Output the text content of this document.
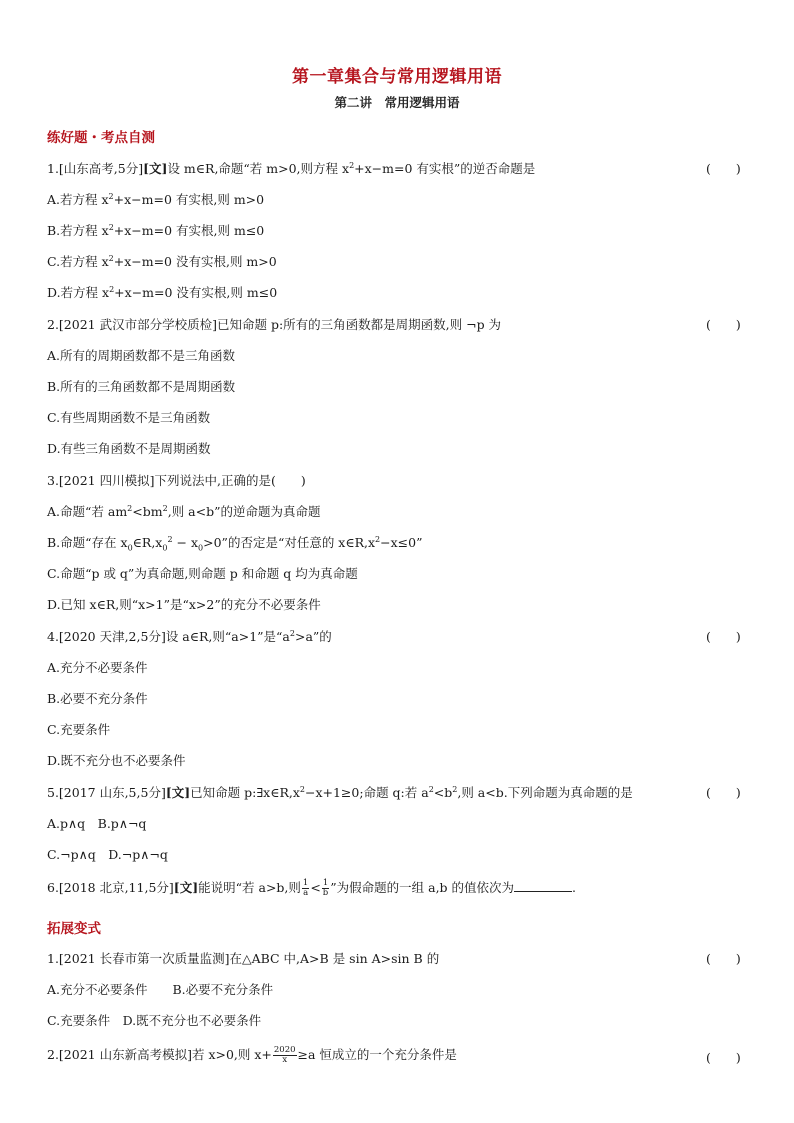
第一章集合与常用逻辑用语
第二讲　常用逻辑用语
练好题・考点自测
1.[山东高考,5分][文]设 m∈R,命题“若 m>0,则方程 $x^2+x-m=0$ 有实根”的逆否命题是	(　　)
A.若方程 $x^2+x-m=0$ 有实根,则 m>0
B.若方程 $x^2+x-m=0$ 有实根,则 m≤0
C.若方程 $x^2+x-m=0$ 没有实根,则 m>0
D.若方程 $x^2+x-m=0$ 没有实根,则 m≤0
2.[2021 武汉市部分学校质检]已知命题 p:所有的三角函数都是周期函数,则 ¬p 为	(　　)
A.所有的周期函数都不是三角函数
B.所有的三角函数都不是周期函数
C.有些周期函数不是三角函数
D.有些三角函数不是周期函数
3.[2021 四川模拟]下列说法中,正确的是(　　)
A.命题“若 $am^2<bm^2$,则 a<b”的逆命题为真命题
B.命题“存在 $x_0\in R,x_0^2 - x_0>0$”的否定是“对任意的 $x\in R,x^2-x\le 0$”
C.命题“p 或 q”为真命题,则命题 p 和命题 q 均为真命题
D.已知 x∈R,则“x>1”是“x>2”的充分不必要条件
4.[2020 天津,2,5分]设 a∈R,则“a>1”是“$a^2>a$”的	(　　)
A.充分不必要条件
B.必要不充分条件
C.充要条件
D.既不充分也不必要条件
5.[2017 山东,5,5分][文]已知命题 $p:\exists x\in R,x^2-x+1\ge 0$;命题 q:若 $a^2<b^2$,则 a<b.下列命题为真命题的是	(　　)
A.p∧q　B.p∧¬q
C.¬p∧q　D.¬p∧¬q
6.[2018 北京,11,5分][文]能说明“若 a>b,则 $\frac{1}{a} < \frac{1}{b}$ ”为假命题的一组 a,b 的值依次为	.
拓展变式
1.[2021 长春市第一次质量监测]在△ABC 中,A>B 是 sin A>sin B 的	(　　)
A.充分不必要条件　　B.必要不充分条件
C.充要条件　D.既不充分也不必要条件
2.[2021 山东新高考模拟]若 x>0,则 $x+ \frac{2020}{x} \ge a$ 恒成立的一个充分条件是	(　　)
